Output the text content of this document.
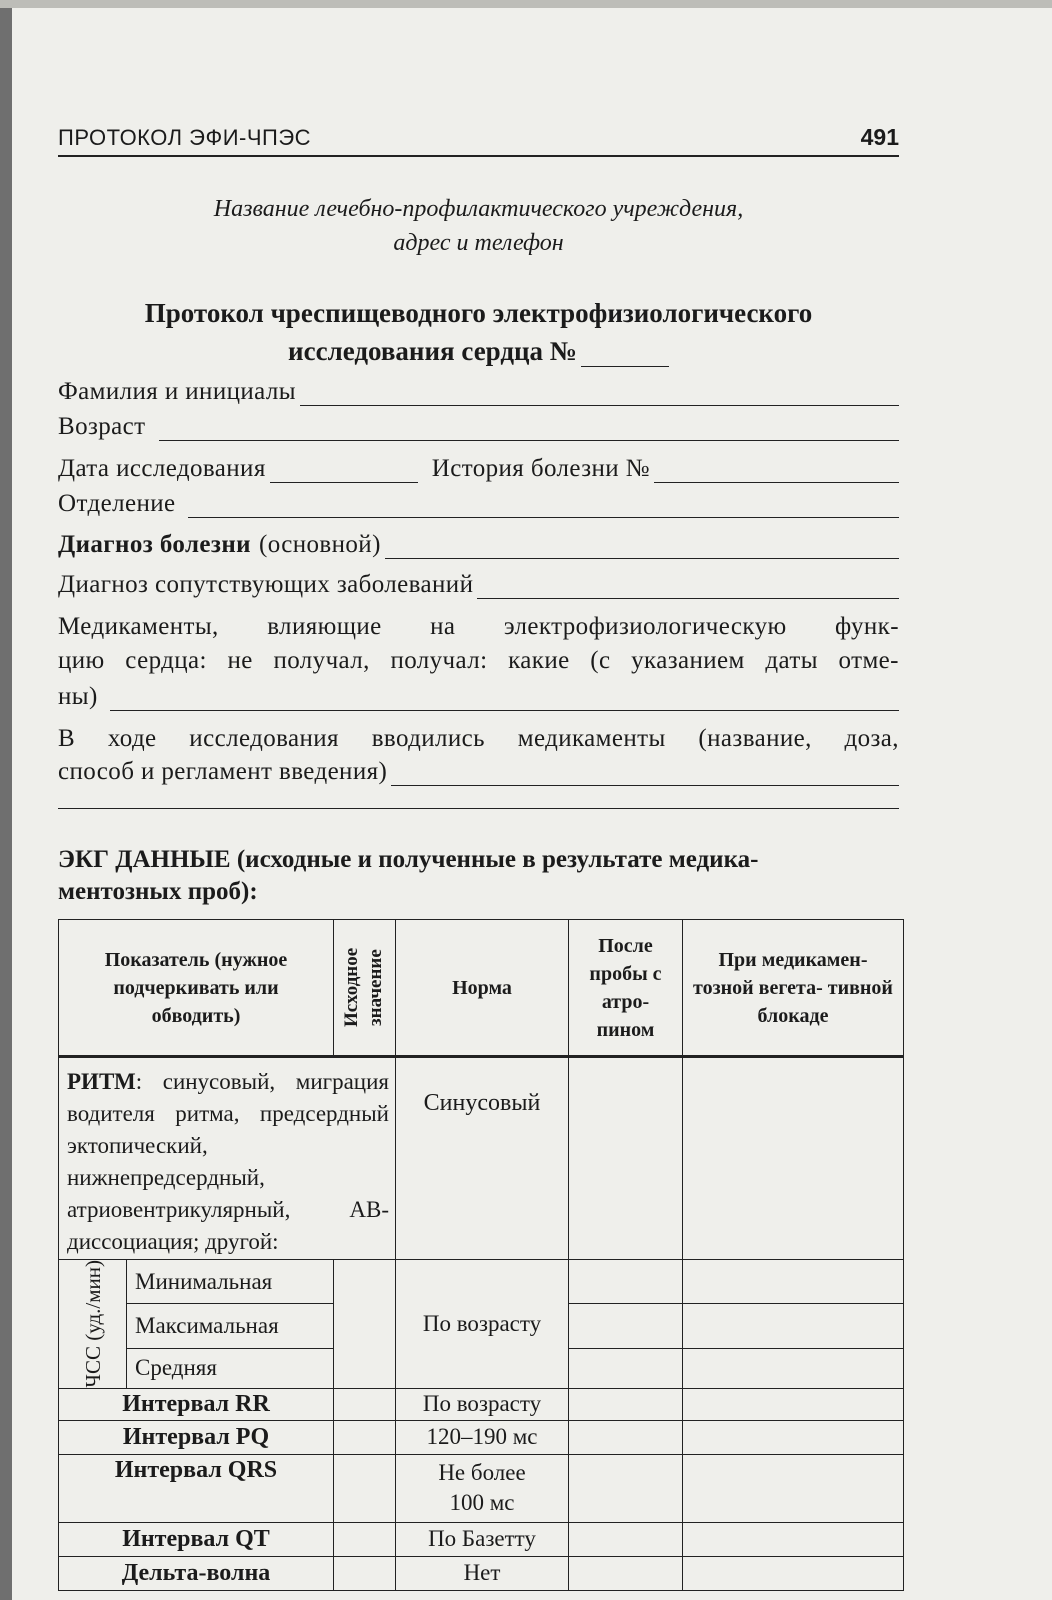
ПРОТОКОЛ ЭФИ-ЧПЭС	491
Название лечебно-профилактического учреждения,
адрес и телефон
Протокол чреспищеводного электрофизиологического
исследования сердца №
Фамилия и инициалы
Возраст
Дата исследования	История болезни №
Отделение
Диагноз болезни (основной)
Диагноз сопутствующих заболеваний
Медикаменты, влияющие на электрофизиологическую функ-
цию сердца: не получал, получал: какие (с указанием даты отме-
ны)
В ходе исследования вводились медикаменты (название, доза,
способ и регламент введения)
ЭКГ ДАННЫЕ (исходные и полученные в результате медика-
ментозных проб):
Показатель (нужное подчеркивать или обводить)		Исходное значение	Норма	После пробы с атро- пином	При медикамен- тозной вегета- тивной блокаде
РИТМ: синусовый, миграция водителя ритма, предсердный эктопический, нижнепредсердный, атриовентрикулярный, АВ-диссоциация; другой:			Синусовый		

ЧСС (уд./мин)	Минимальная		По возрасту		
	Максимальная				
	Средняя				
Интервал RR			По возрасту		
Интервал PQ			120–190 мс		
Интервал QRS			Не более 100 мс		
Интервал QT			По Базетту		
Дельта-волна			Нет		
